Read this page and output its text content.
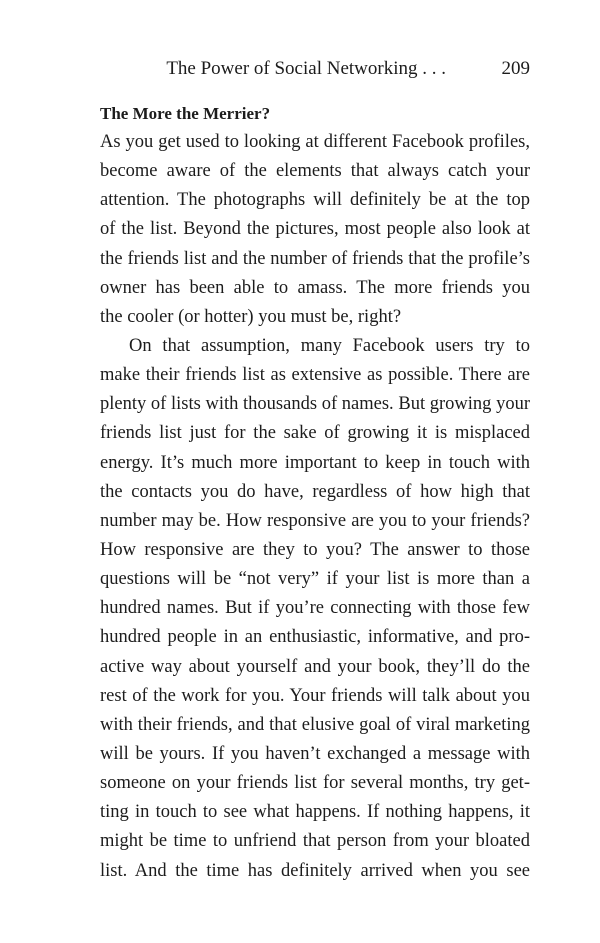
The Power of Social Networking . . .	209
The More the Merrier?
As you get used to looking at different Facebook profiles,
become aware of the elements that always catch your
attention. The photographs will definitely be at the top
of the list. Beyond the pictures, most people also look at
the friends list and the number of friends that the profile’s
owner has been able to amass. The more friends you
the cooler (or hotter) you must be, right?
On that assumption, many Facebook users try to
make their friends list as extensive as possible. There are
plenty of lists with thousands of names. But growing your
friends list just for the sake of growing it is misplaced
energy. It’s much more important to keep in touch with
the contacts you do have, regardless of how high that
number may be. How responsive are you to your friends?
How responsive are they to you? The answer to those
questions will be “not very” if your list is more than a
hundred names. But if you’re connecting with those few
hundred people in an enthusiastic, informative, and pro-
active way about yourself and your book, they’ll do the
rest of the work for you. Your friends will talk about you
with their friends, and that elusive goal of viral marketing
will be yours. If you haven’t exchanged a message with
someone on your friends list for several months, try get-
ting in touch to see what happens. If nothing happens, it
might be time to unfriend that person from your bloated
list. And the time has definitely arrived when you see
